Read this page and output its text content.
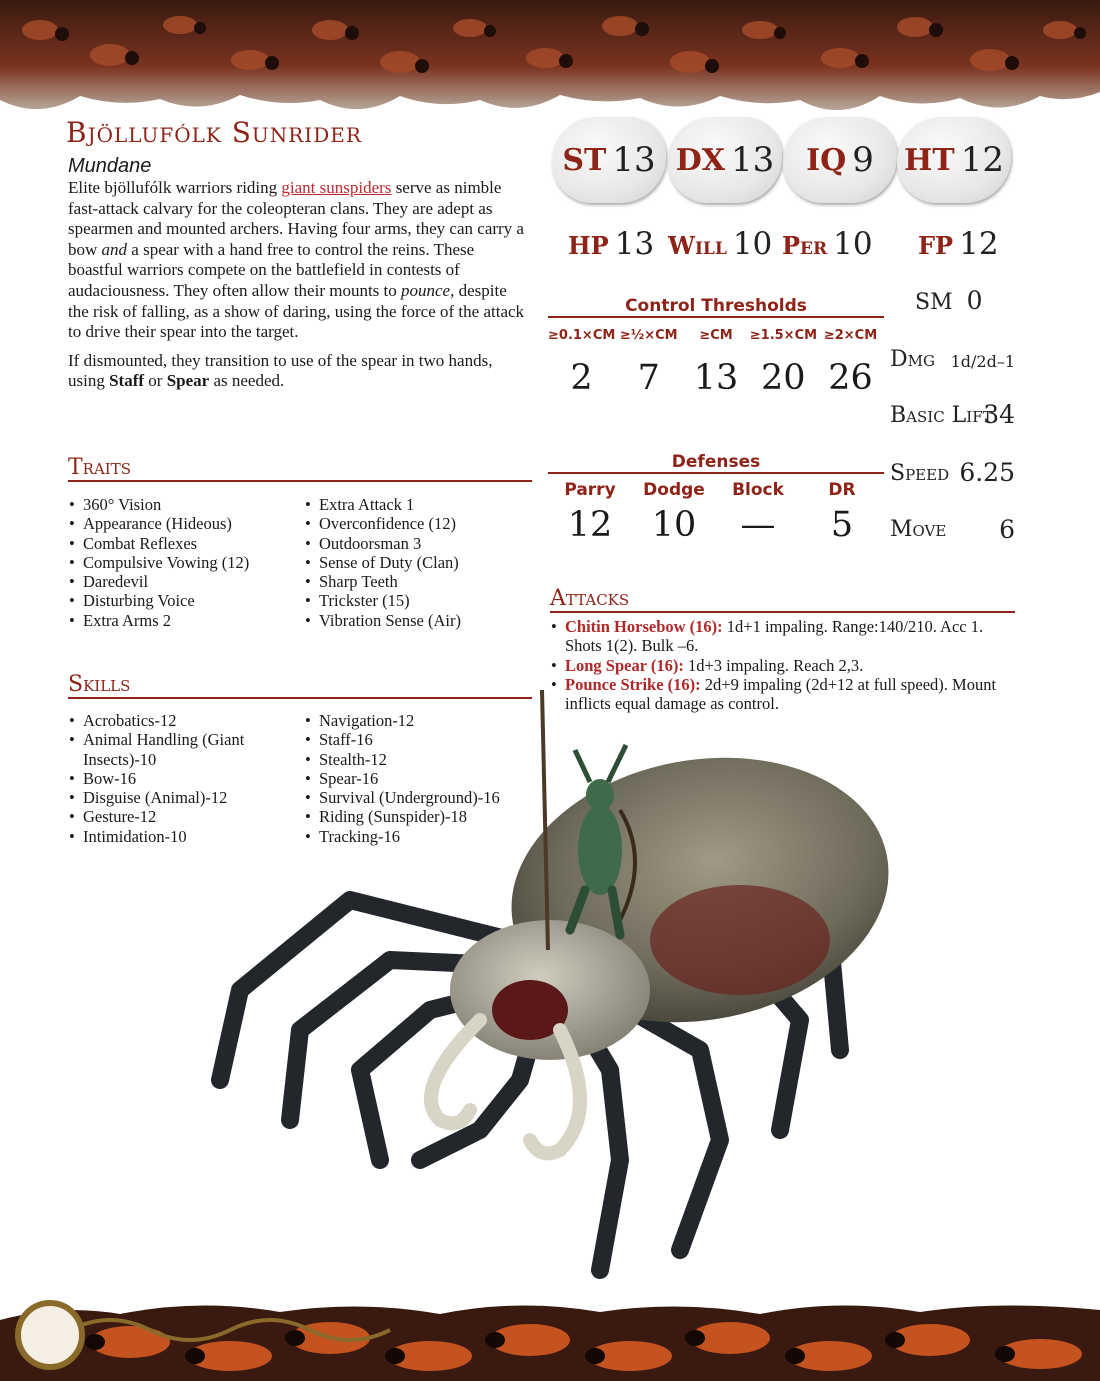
Bjöllufólk Sunrider
Mundane

Elite bjöllufólk warriors riding giant sunspiders serve as nimble fast-attack calvary for the coleopteran clans. They are adept as spearmen and mounted archers. Having four arms, they can carry a bow and a spear with a hand free to control the reins. These boastful warriors compete on the battlefield in contests of audaciousness. They often allow their mounts to pounce, despite the risk of falling, as a show of daring, using the force of the attack to drive their spear into the target.

If dismounted, they transition to use of the spear in two hands, using Staff or Spear as needed.

ST 13 DX 13 IQ 9 HT 12
HP 13 Will 10 Per 10 FP 12
Control Thresholds
≥0.1×CM ≥½×CM	≥CM	≥1.5×CM ≥2×CM
2	7 13 20 26
Defenses
Parry	Dodge	Block	DR
12	10	—	5
SM 0
Dmg 1d/2d–1
Basic Lift
34
Speed 6.25
Move	6
Traits
• 360° Vision
• Appearance (Hideous)
• Combat Reflexes
• Compulsive Vowing (12)
• Daredevil
• Disturbing Voice
• Extra Arms 2
• Extra Attack 1
• Overconfidence (12)
• Outdoorsman 3
• Sense of Duty (Clan)
• Sharp Teeth
• Trickster (15)
• Vibration Sense (Air)
Skills
• Acrobatics-12
• Animal Handling (Giant Insects)-10
• Bow-16
• Disguise (Animal)-12
• Gesture-12
• Intimidation-10
• Navigation-12
• Staff-16
• Stealth-12
• Spear-16
• Survival (Underground)-16
• Riding (Sunspider)-18
• Tracking-16
Attacks
• Chitin Horsebow (16): 1d+1 impaling. Range:140/210. Acc 1. Shots 1(2). Bulk –6.
• Long Spear (16): 1d+3 impaling. Reach 2,3.
• Pounce Strike (16): 2d+9 impaling (2d+12 at full speed). Mount inflicts equal damage as control.
